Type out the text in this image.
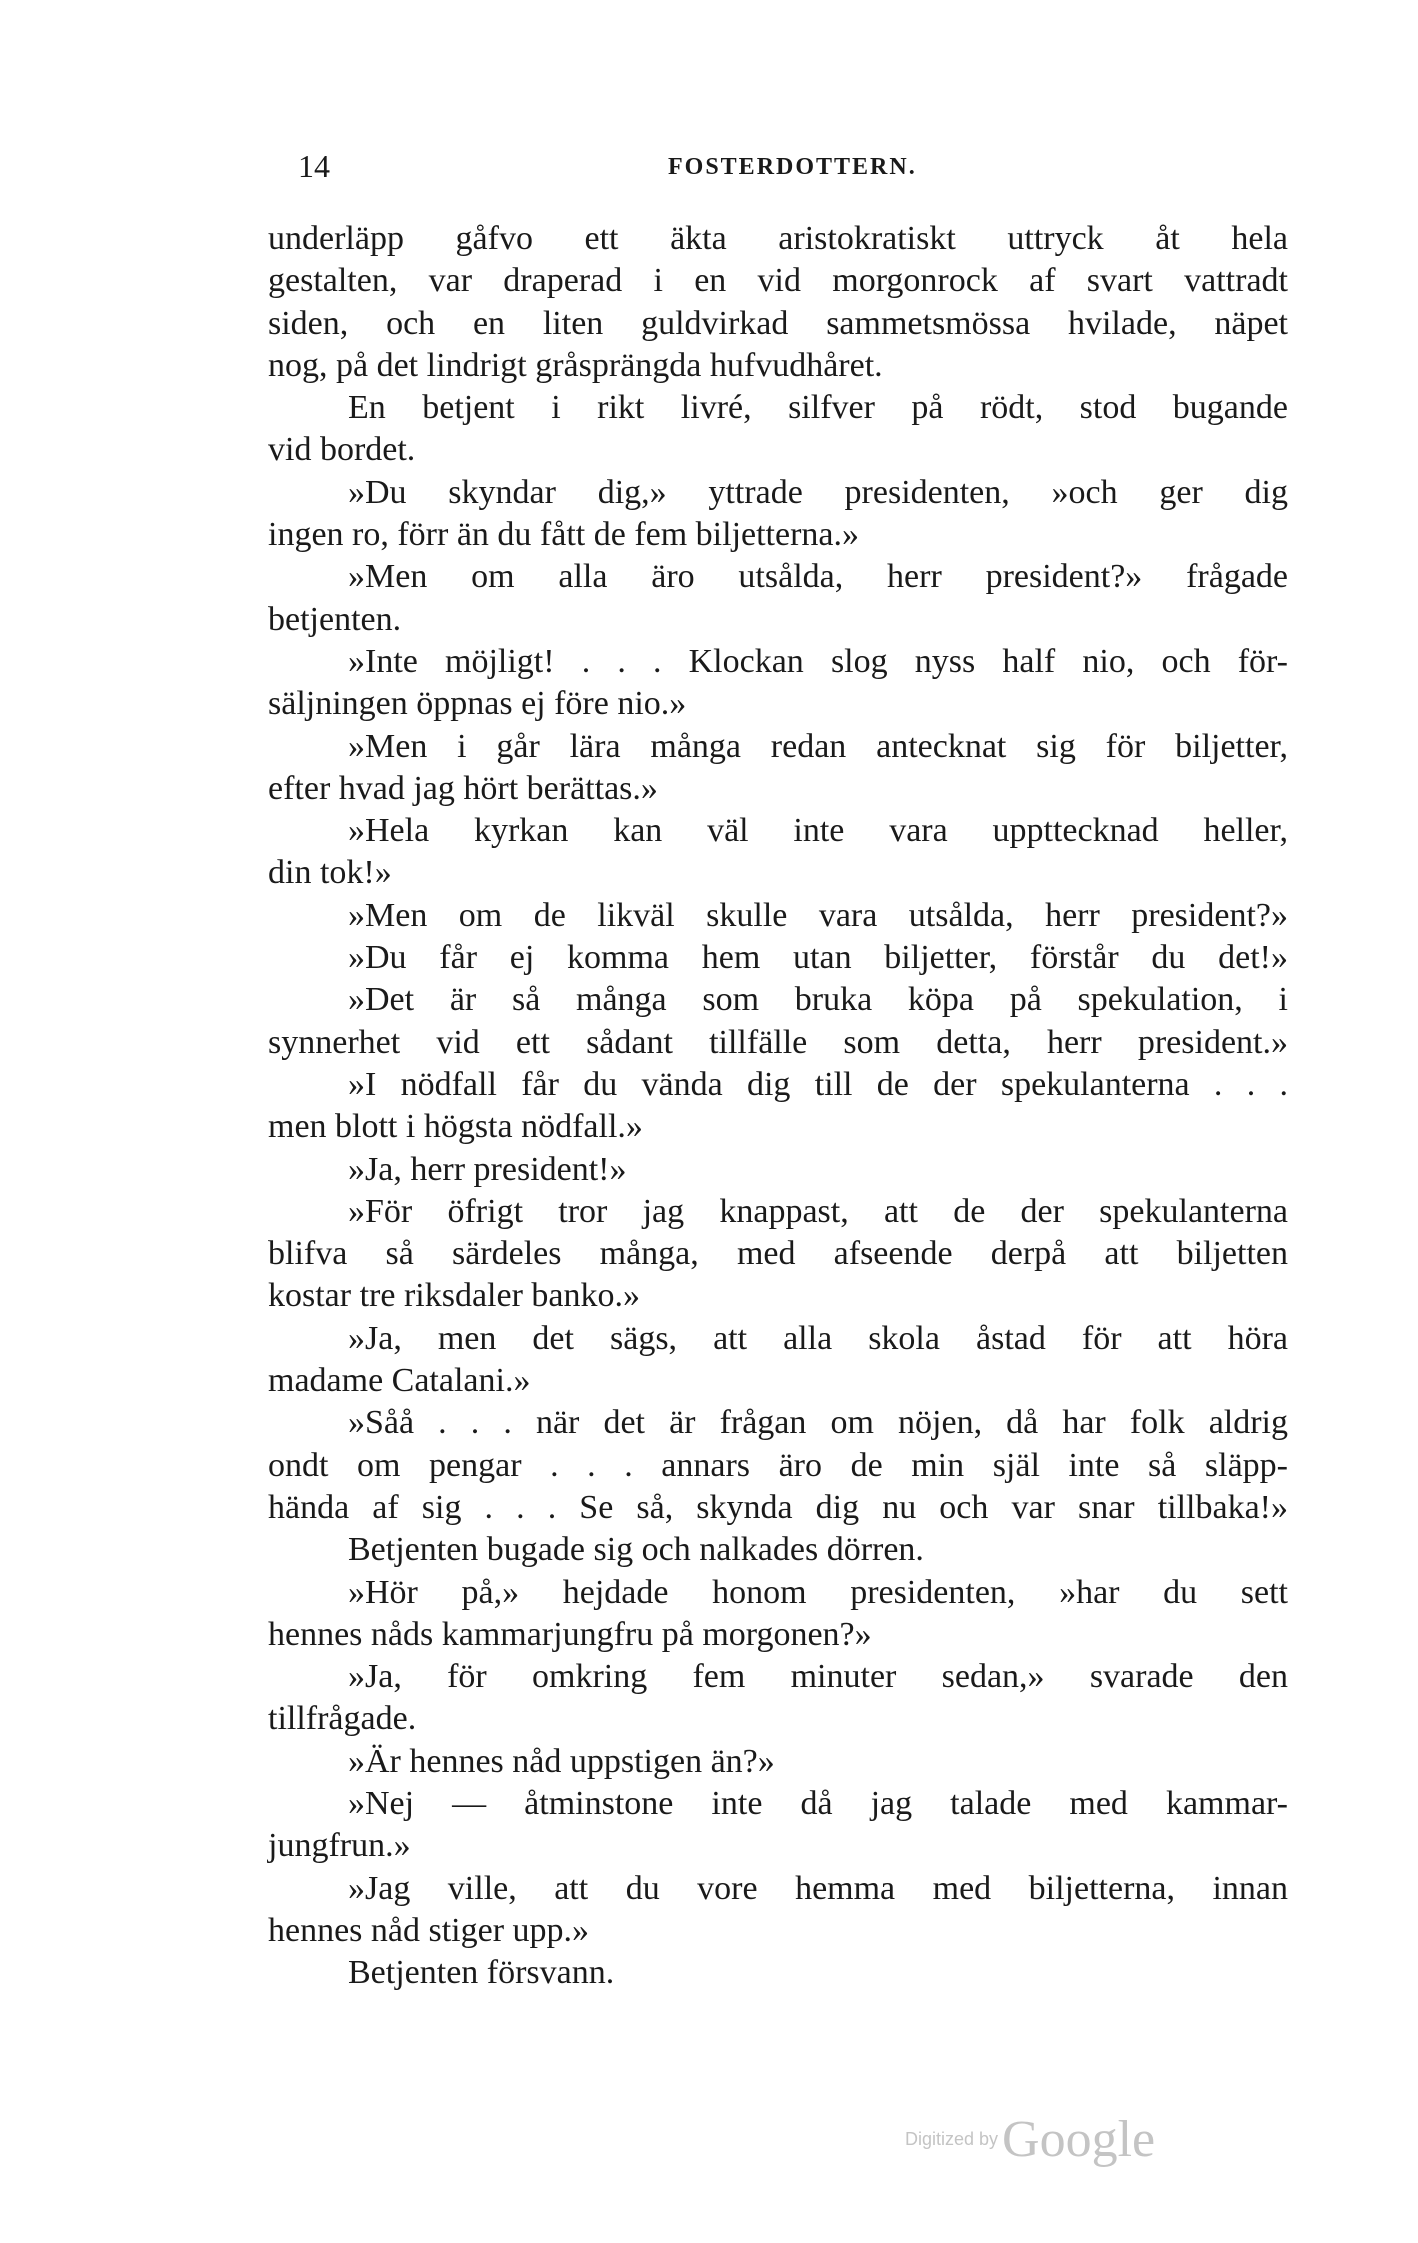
14	FOSTERDOTTERN.
underläpp gåfvo ett äkta aristokratiskt uttryck åt hela
gestalten, var draperad i en vid morgonrock af svart vattradt
siden, och en liten guldvirkad sammetsmössa hvilade, näpet
nog, på det lindrigt gråsprängda hufvudhåret.
En betjent i rikt livré, silfver på rödt, stod bugande
vid bordet.
»Du skyndar dig,» yttrade presidenten, »och ger dig
ingen ro, förr än du fått de fem biljetterna.»
»Men om alla äro utsålda, herr president?» frågade
betjenten.
»Inte möjligt! . . . Klockan slog nyss half nio, och för-
säljningen öppnas ej före nio.»
»Men i går lära många redan antecknat sig för biljetter,
efter hvad jag hört berättas.»
»Hela kyrkan kan väl inte vara uppttecknad heller,
din tok!»
»Men om de likväl skulle vara utsålda, herr president?»
»Du får ej komma hem utan biljetter, förstår du det!»
»Det är så många som bruka köpa på spekulation, i
synnerhet vid ett sådant tillfälle som detta, herr president.»
»I nödfall får du vända dig till de der spekulanterna . . .
men blott i högsta nödfall.»
»Ja, herr president!»
»För öfrigt tror jag knappast, att de der spekulanterna
blifva så särdeles många, med afseende derpå att biljetten
kostar tre riksdaler banko.»
»Ja, men det sägs, att alla skola åstad för att höra
madame Catalani.»
»Såå . . . när det är frågan om nöjen, då har folk aldrig
ondt om pengar . . . annars äro de min själ inte så släpp-
hända af sig . . . Se så, skynda dig nu och var snar tillbaka!»
Betjenten bugade sig och nalkades dörren.
»Hör på,» hejdade honom presidenten, »har du sett
hennes nåds kammarjungfru på morgonen?»
»Ja, för omkring fem minuter sedan,» svarade den
tillfrågade.
»Är hennes nåd uppstigen än?»
»Nej — åtminstone inte då jag talade med kammar-
jungfrun.»
»Jag ville, att du vore hemma med biljetterna, innan
hennes nåd stiger upp.»
Betjenten försvann.
Digitized by Google
